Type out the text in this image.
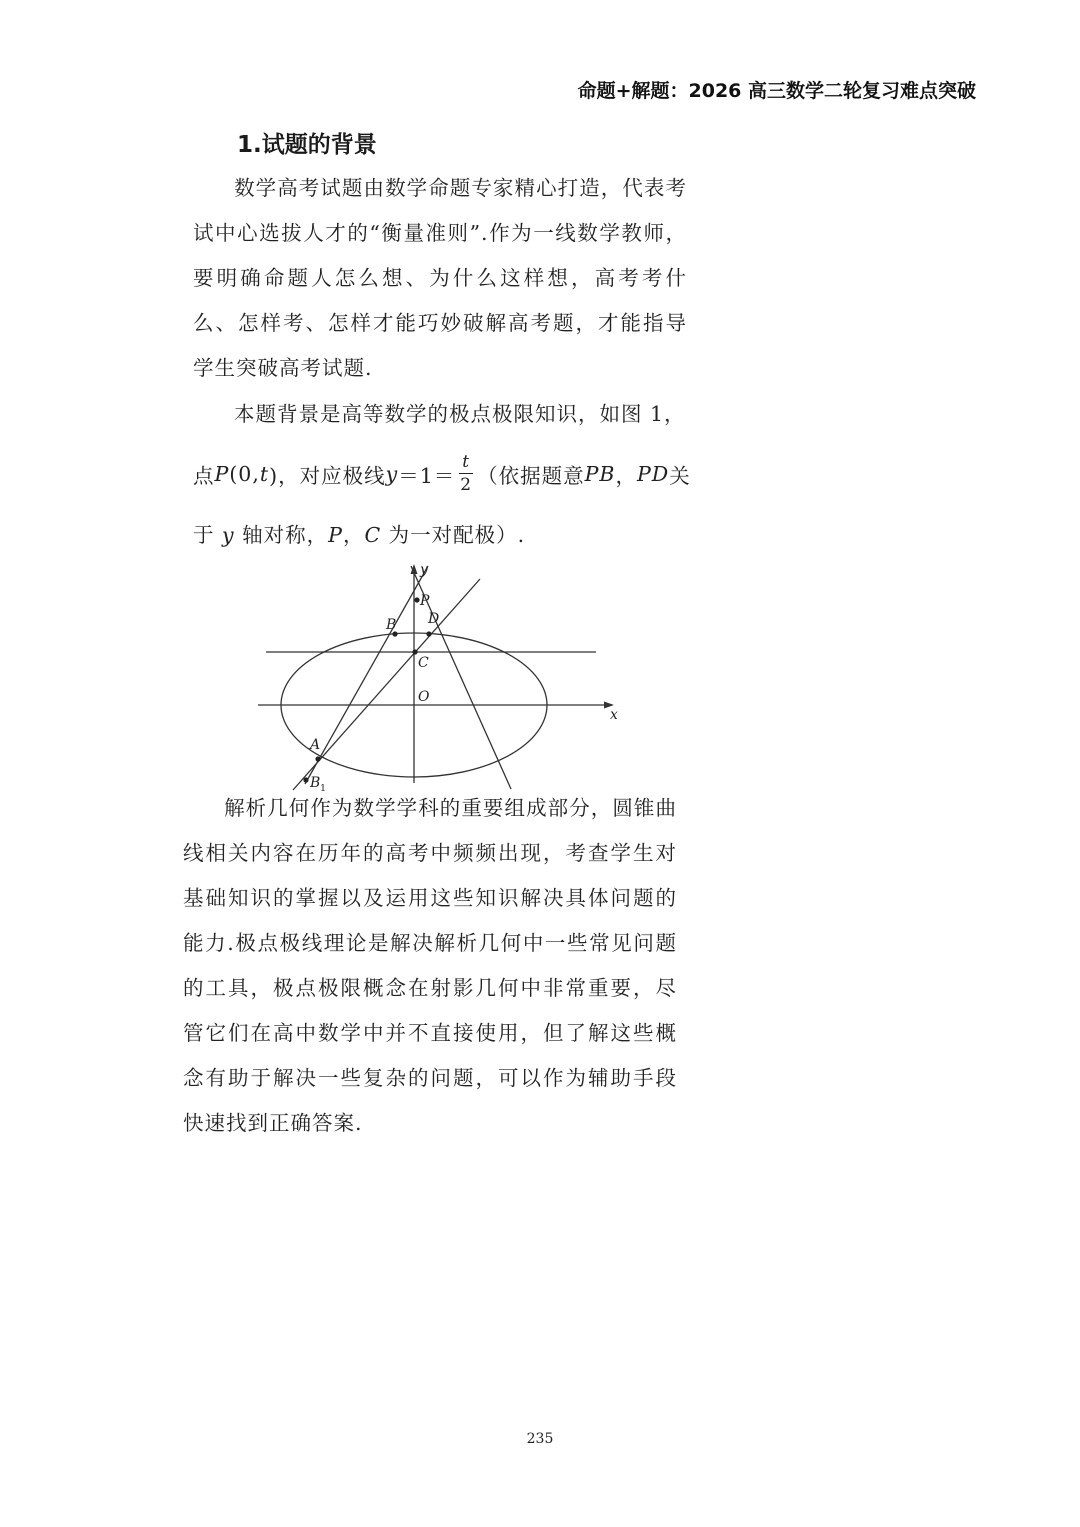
命题+解题：2026 高三数学二轮复习难点突破
1.试题的背景

数学高考试题由数学命题专家精心打造，代表考试中心选拔人才的“衡量准则”.作为一线数学教师，要明确命题人怎么想、为什么这样想，高考考什么、怎样考、怎样才能巧妙破解高考题，才能指导学生突破高考试题.

本题背景是高等数学的极点极限知识，如图 1，

点 P (0, t )，对应极线 $y =1= \frac{t}{2}$ （依据题意 PB ， PD 关
于 y 轴对称，P，C 为一对配极）.
y
x
P
B D
C
O
A
B 1

解析几何作为数学学科的重要组成部分，圆锥曲线相关内容在历年的高考中频频出现，考查学生对基础知识的掌握以及运用这些知识解决具体问题的能力.极点极线理论是解决解析几何中一些常见问题的工具，极点极限概念在射影几何中非常重要，尽管它们在高中数学中并不直接使用，但了解这些概念有助于解决一些复杂的问题，可以作为辅助手段快速找到正确答案.

235
